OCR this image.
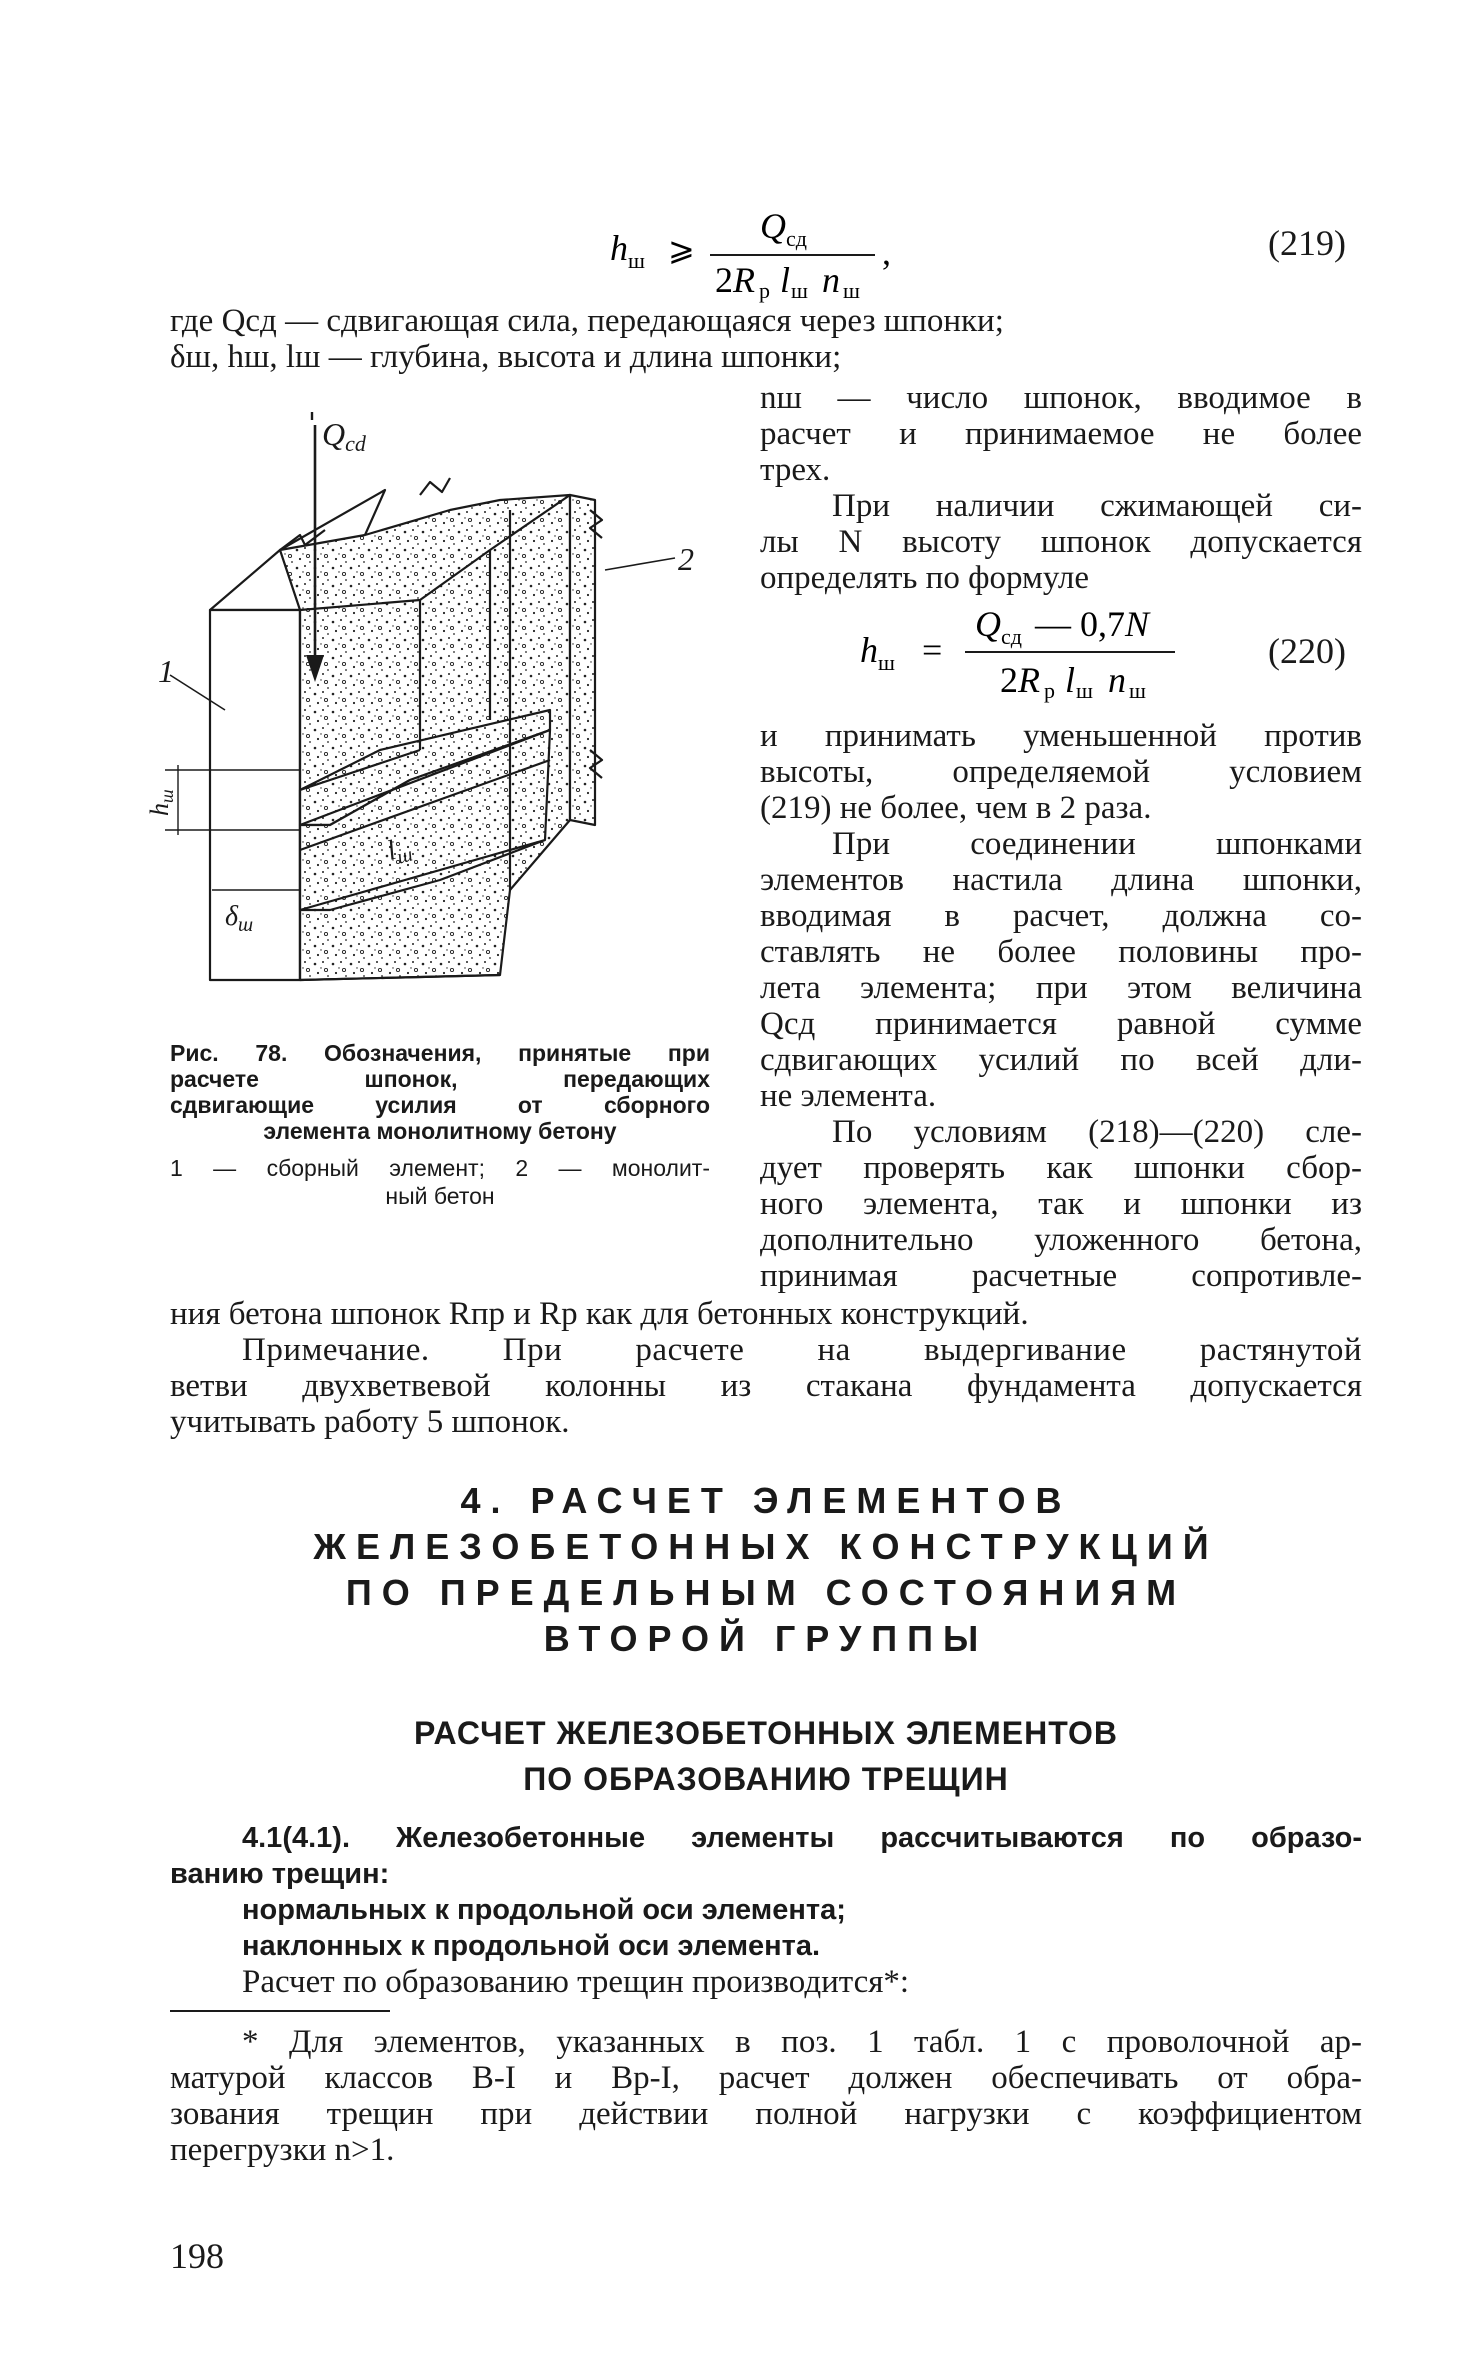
h ш ⩾
Q сд
2R р l ш n ш
,	(219)
где Qсд — сдвигающая сила, передающаяся через шпонки;
δш, hш, lш — глубина, высота и длина шпонки;
nш — число шпонок, вводимое в
расчет и принимаемое не более
трех.
При наличии сжимающей си-
лы N высоту шпонок допускается
определять по формуле
h ш =
Q сд — 0,7N
2R р l ш n ш
(220)
и принимать уменьшенной против
высоты, определяемой условием
(219) не более, чем в 2 раза.
При соединении шпонками
элементов настила длина шпонки,
вводимая в расчет, должна со-
ставлять не более половины про-
лета элемента; при этом величина
Qсд принимается равной сумме
сдвигающих усилий по всей дли-
не элемента.
По условиям (218)—(220) сле-
дует проверять как шпонки сбор-
ного элемента, так и шпонки из
дополнительно уложенного бетона,
принимая расчетные сопротивле-
Qcd
2
1
hш
$\delta_ш$
$l_ш$
Рис. 78. Обозначения, принятые при
расчете шпонок, передающих
сдвигающие усилия от сборного
элемента монолитному бетону
1 — сборный элемент; 2 — монолит-
ный бетон
ния бетона шпонок Rпр и Rр как для бетонных конструкций.
Примечание. При расчете на выдергивание растянутой
ветви двухветвевой колонны из стакана фундамента допускается
учитывать работу 5 шпонок.
4. РАСЧЕТ ЭЛЕМЕНТОВ
ЖЕЛЕЗОБЕТОННЫХ КОНСТРУКЦИЙ
ПО ПРЕДЕЛЬНЫМ СОСТОЯНИЯМ
ВТОРОЙ ГРУППЫ
РАСЧЕТ ЖЕЛЕЗОБЕТОННЫХ ЭЛЕМЕНТОВ
ПО ОБРАЗОВАНИЮ ТРЕЩИН
4.1(4.1). Железобетонные элементы рассчитываются по образо-
ванию трещин:
нормальных к продольной оси элемента;
наклонных к продольной оси элемента.
Расчет по образованию трещин производится*:
* Для элементов, указанных в поз. 1 табл. 1 с проволочной ар-
матурой классов В-I и Вр-I, расчет должен обеспечивать от обра-
зования трещин при действии полной нагрузки с коэффициентом
перегрузки n>1.
198
